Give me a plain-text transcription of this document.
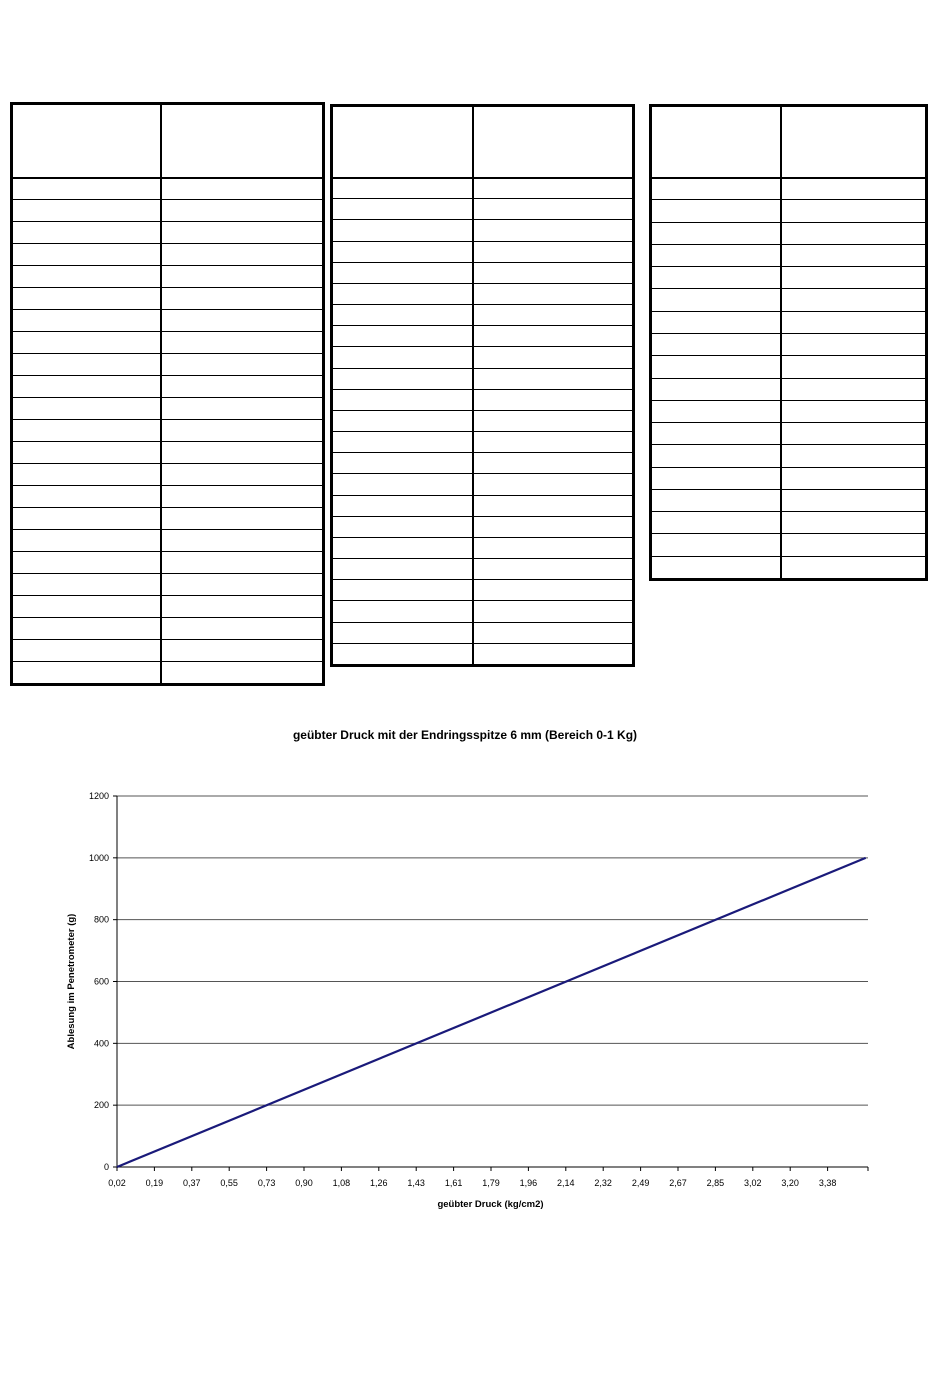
geübter Druck mit der Endringsspitze 6 mm (Bereich 0-1 Kg)
0
200
400
600
800
1000
1200
0,02 0,19 0,37 0,55 0,73 0,90 1,08 1,26 1,43 1,61 1,79 1,96 2,14 2,32 2,49 2,67 2,85 3,02 3,20 3,38
geübter Druck (kg/cm2)
Ablesung im Penetrometer (g)
